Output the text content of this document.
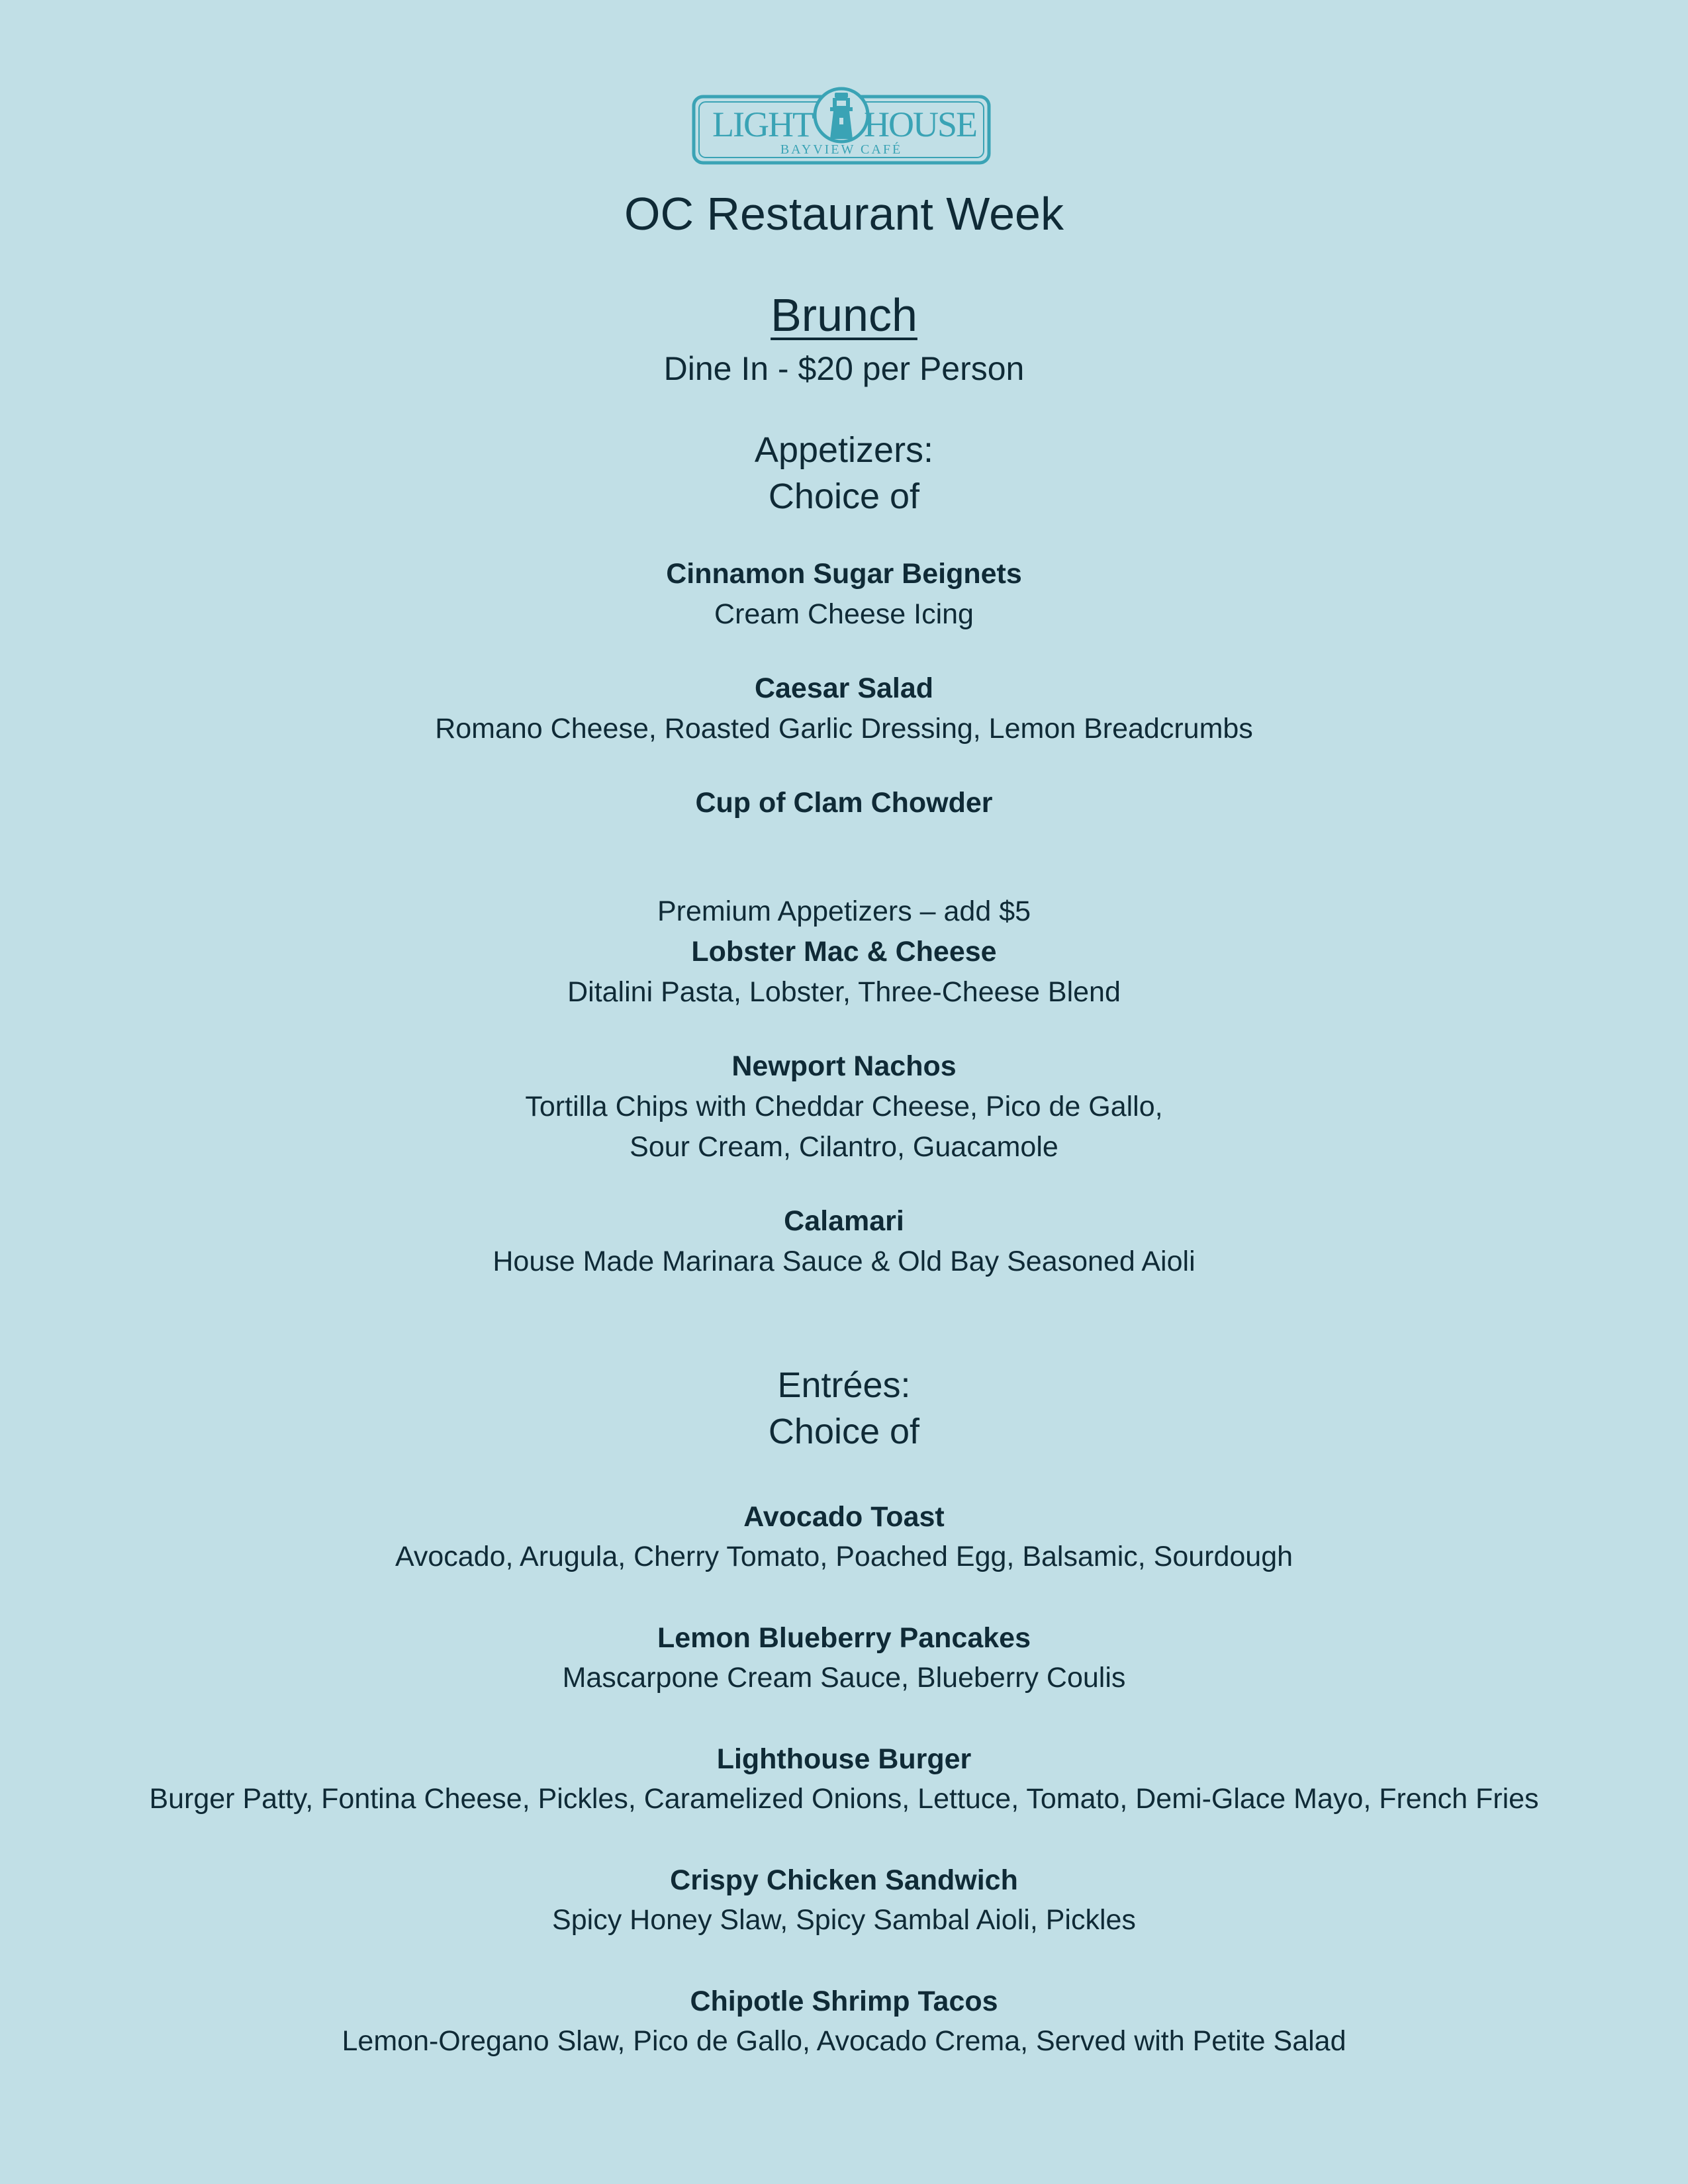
LIGHT HOUSE
BAYVIEW CAFÉ
OC Restaurant Week
Brunch
Dine In - $20 per Person
Appetizers:
Choice of
Cinnamon Sugar Beignets
Cream Cheese Icing
Caesar Salad
Romano Cheese, Roasted Garlic Dressing, Lemon Breadcrumbs
Cup of Clam Chowder
Premium Appetizers – add $5
Lobster Mac & Cheese
Ditalini Pasta, Lobster, Three-Cheese Blend
Newport Nachos
Tortilla Chips with Cheddar Cheese, Pico de Gallo,
Sour Cream, Cilantro, Guacamole
Calamari
House Made Marinara Sauce & Old Bay Seasoned Aioli
Entrées:
Choice of
Avocado Toast
Avocado, Arugula, Cherry Tomato, Poached Egg, Balsamic, Sourdough
Lemon Blueberry Pancakes
Mascarpone Cream Sauce, Blueberry Coulis
Lighthouse Burger
Burger Patty, Fontina Cheese, Pickles, Caramelized Onions, Lettuce, Tomato, Demi-Glace Mayo, French Fries
Crispy Chicken Sandwich
Spicy Honey Slaw, Spicy Sambal Aioli, Pickles
Chipotle Shrimp Tacos
Lemon-Oregano Slaw, Pico de Gallo, Avocado Crema, Served with Petite Salad
